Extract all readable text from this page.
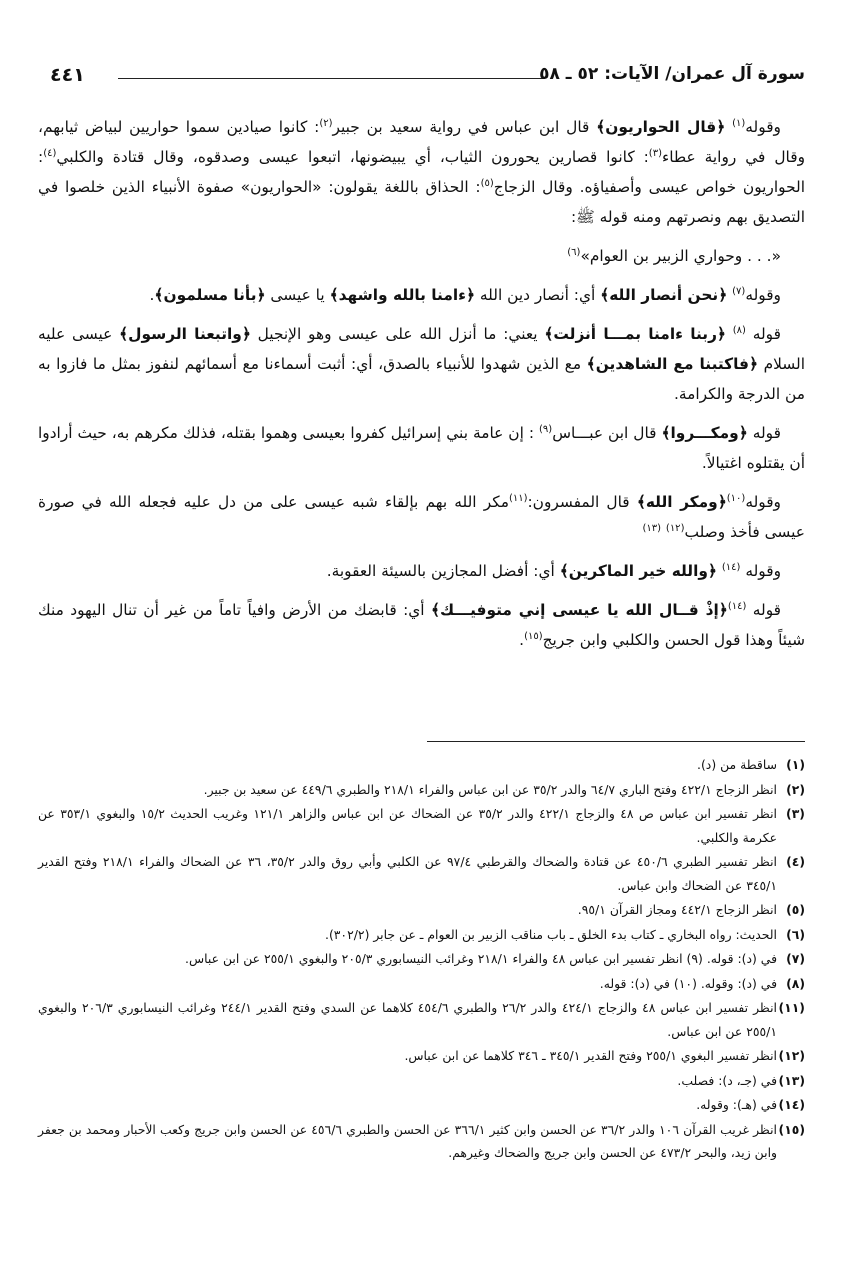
٤٤١	سورة آل عمران/ الآيات: ٥٢ ـ ٥٨

وقوله$^{(١)}$ ﴿قال الحواريون﴾ قال ابن عباس في رواية سعيد بن جبير$^{(٢)}$: كانوا صيادين سموا حواريين لبياض ثيابهم، وقال في رواية عطاء$^{(٣)}$: كانوا قصارين يحورون الثياب، أي يبيضونها، اتبعوا عيسى وصدقوه، وقال قتادة والكلبي$^{(٤)}$: الحواريون خواص عيسى وأصفياؤه. وقال الزجاج$^{(٥)}$: الحذاق باللغة يقولون: «الحواريون» صفوة الأنبياء الذين خلصوا في التصديق بهم ونصرتهم ومنه قوله ﷺ:

«. . . وحواري الزبير بن العوام»$^{(٦)}$

وقوله$^{(٧)}$ ﴿نحن أنصار الله﴾ أي: أنصار دين الله ﴿ءامنا بالله واشهد﴾ يا عيسى ﴿بأنا مسلمون﴾.

قوله $^{(٨)}$ ﴿ربنا ءامنا بمـــا أنزلت﴾ يعني: ما أنزل الله على عيسى وهو الإنجيل ﴿واتبعنا الرسول﴾ عيسى عليه السلام ﴿فاكتبنا مع الشاهدين﴾ مع الذين شهدوا للأنبياء بالصدق، أي: أثبت أسماءنا مع أسمائهم لنفوز بمثل ما فازوا به من الدرجة والكرامة.

قوله ﴿ومكـــروا﴾ قال ابن عبـــاس$^{(٩)}$ : إن عامة بني إسرائيل كفروا بعيسى وهموا بقتله، فذلك مكرهم به، حيث أرادوا أن يقتلوه اغتيالاً.

وقوله$^{(١٠)}$﴿ومكر الله﴾ قال المفسرون:$^{(١١)}$مكر الله بهم بإلقاء شبه عيسى على من دل عليه فجعله الله في صورة عيسى فأخذ وصلب$^{(١٢)}$ $^{(١٣)}$

وقوله $^{(١٤)}$ ﴿والله خير الماكرين﴾ أي: أفضل المجازين بالسيئة العقوبة.

قوله $^{(١٤)}$﴿إذْ قــال الله يا عيسى إني متوفيـــك﴾ أي: قابضك من الأرض وافياً تاماً من غير أن تنال اليهود منك شيئاً وهذا قول الحسن والكلبي وابن جريج$^{(١٥)}$.

(١)ساقطة من (د).

(٢)انظر الزجاج ٤٢٢/١ وفتح الباري ٦٤/٧ والدر ٣٥/٢ عن ابن عباس والفراء ٢١٨/١ والطبري ٤٤٩/٦ عن سعيد بن جبير.

(٣)انظر تفسير ابن عباس ص ٤٨ والزجاج ٤٢٢/١ والدر ٣٥/٢ عن الضحاك عن ابن عباس والزاهر ١٢١/١ وغريب الحديث ١٥/٢ والبغوي ٣٥٣/١ عن عكرمة والكلبي.

(٤)انظر تفسير الطبري ٤٥٠/٦ عن قتادة والضحاك والقرطبي ٩٧/٤ عن الكلبي وأبي روق والدر ٣٥/٢، ٣٦ عن الضحاك والفراء ٢١٨/١ وفتح القدير ٣٤٥/١ عن الضحاك وابن عباس.

(٥)انظر الزجاج ٤٤٢/١ ومجاز القرآن ٩٥/١.

(٦)الحديث: رواه البخاري ـ كتاب بدء الخلق ـ باب مناقب الزبير بن العوام ـ عن جابر (٣٠٢/٢).

(٧)في (د): قوله. (٩) انظر تفسير ابن عباس ٤٨ والفراء ٢١٨/١ وغرائب النيسابوري ٢٠٥/٣ والبغوي ٢٥٥/١ عن ابن عباس.

(٨)في (د): وقوله. (١٠) في (د): قوله.

(١١)انظر تفسير ابن عباس ٤٨ والزجاج ٤٢٤/١ والدر ٢٦/٢ والطبري ٤٥٤/٦ كلاهما عن السدي وفتح القدير ٢٤٤/١ وغرائب النيسابوري ٢٠٦/٣ والبغوي ٢٥٥/١ عن ابن عباس.

(١٢)انظر تفسير البغوي ٢٥٥/١ وفتح القدير ٣٤٥/١ ـ ٣٤٦ كلاهما عن ابن عباس.

(١٣)في (جـ، د): فصلب.

(١٤)في (هـ): وقوله.

(١٥)انظر غريب القرآن ١٠٦ والدر ٣٦/٢ عن الحسن وابن كثير ٣٦٦/١ عن الحسن والطبري ٤٥٦/٦ عن الحسن وابن جريج وكعب الأحبار ومحمد بن جعفر وابن زيد، والبحر ٤٧٣/٢ عن الحسن وابن جريج والضحاك وغيرهم.
